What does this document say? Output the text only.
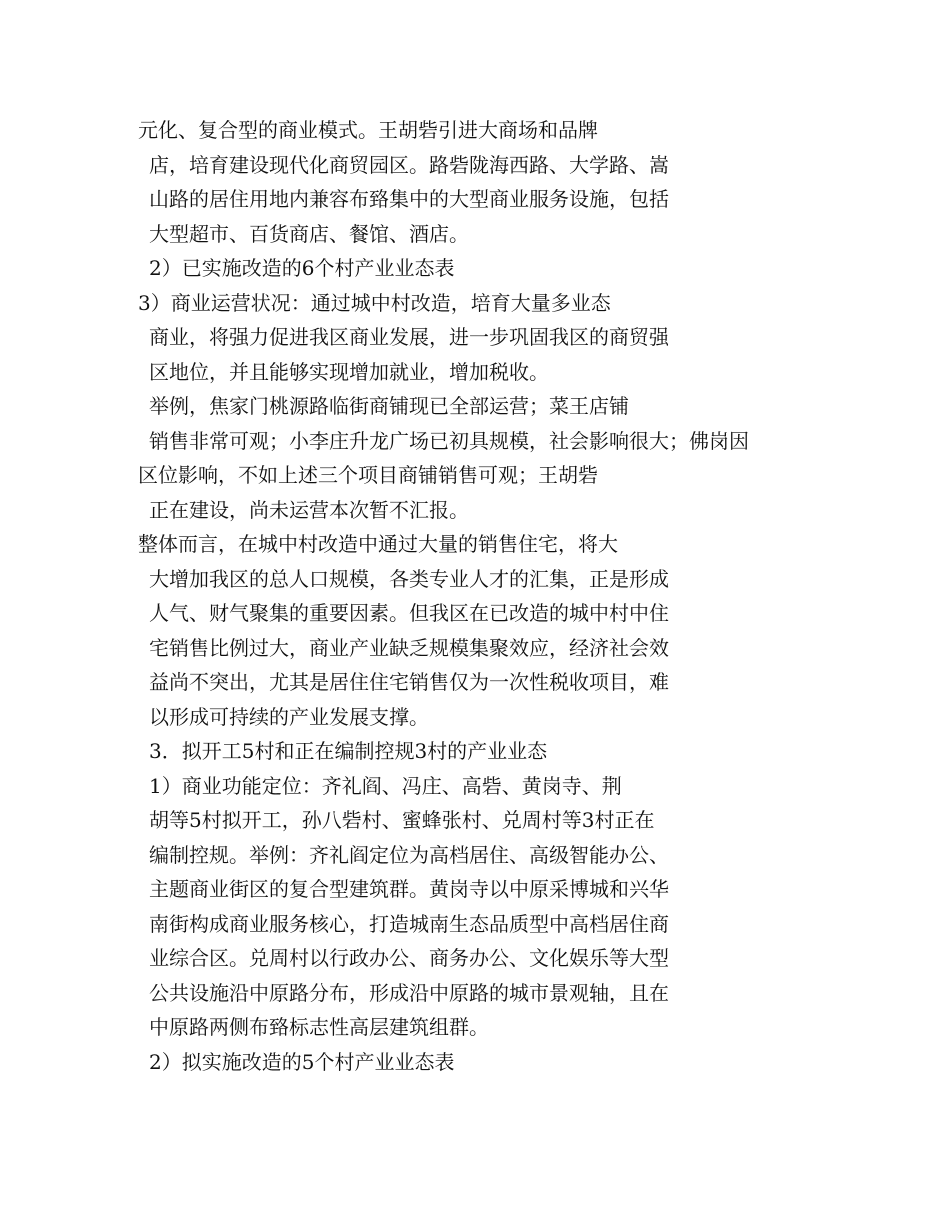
元化、复合型的商业模式。王胡砦引进大商场和品牌
店，培育建设现代化商贸园区。路砦陇海西路、大学路、嵩
山路的居住用地内兼容布臵集中的大型商业服务设施，包括
大型超市、百货商店、餐馆、酒店。
2）已实施改造的6个村产业业态表
3）商业运营状况：通过城中村改造，培育大量多业态
商业，将强力促进我区商业发展，进一步巩固我区的商贸强
区地位，并且能够实现增加就业，增加税收。
举例，焦家门桃源路临街商铺现已全部运营；菜王店铺
销售非常可观；小李庄升龙广场已初具规模，社会影响很大；佛岗因
区位影响，不如上述三个项目商铺销售可观；王胡砦
正在建设，尚未运营本次暂不汇报。
整体而言，在城中村改造中通过大量的销售住宅，将大
大增加我区的总人口规模，各类专业人才的汇集，正是形成
人气、财气聚集的重要因素。但我区在已改造的城中村中住
宅销售比例过大，商业产业缺乏规模集聚效应，经济社会效
益尚不突出，尤其是居住住宅销售仅为一次性税收项目，难
以形成可持续的产业发展支撑。
3．拟开工5村和正在编制控规3村的产业业态
1）商业功能定位：齐礼阎、冯庄、高砦、黄岗寺、荆
胡等5村拟开工，孙八砦村、蜜蜂张村、兑周村等3村正在
编制控规。举例：齐礼阎定位为高档居住、高级智能办公、
主题商业街区的复合型建筑群。黄岗寺以中原采博城和兴华
南街构成商业服务核心，打造城南生态品质型中高档居住商
业综合区。兑周村以行政办公、商务办公、文化娱乐等大型
公共设施沿中原路分布，形成沿中原路的城市景观轴，且在
中原路两侧布臵标志性高层建筑组群。
2）拟实施改造的5个村产业业态表
